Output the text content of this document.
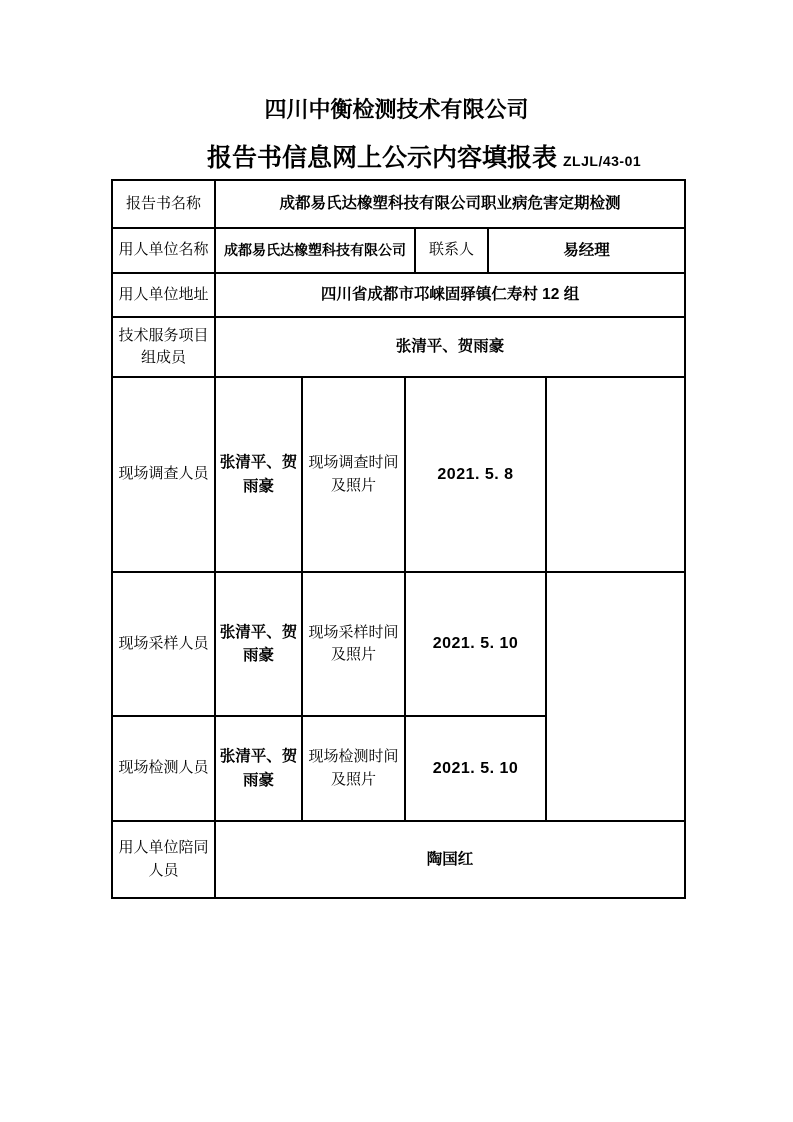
四川中衡检测技术有限公司
报告书信息网上公示内容填报表 ZLJL/43-01
报告书名称	成都易氏达橡塑科技有限公司职业病危害定期检测					
用人单位名称	成都易氏达橡塑科技有限公司			联系人	易经理	
用人单位地址	四川省成都市邛崃固驿镇仁寿村 12 组					
技术服务项目组成员	张清平、贺雨豪					
现场调查人员	张清平、贺雨豪	现场调查时间及照片	2021. 5. 8			
现场采样人员	张清平、贺雨豪	现场采样时间及照片	2021. 5. 10			
现场检测人员	张清平、贺雨豪	现场检测时间及照片	2021. 5. 10			
用人单位陪同人员	陶国红					
